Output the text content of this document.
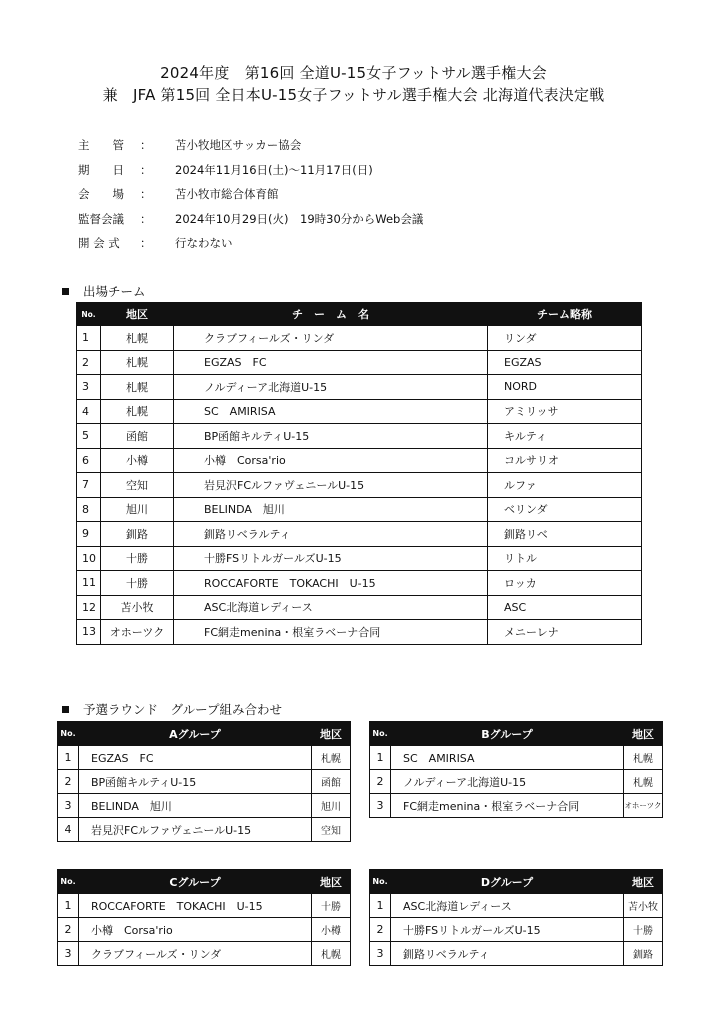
2024年度　第16回 全道U-15女子フットサル選手権大会
兼　JFA 第15回 全日本U-15女子フットサル選手権大会 北海道代表決定戦
主　　管	：	苫小牧地区サッカー協会
期　　日	：	2024年11月16日(土)～11月17日(日)
会　　場	：	苫小牧市総合体育館
監督会議	：	2024年10月29日(火)　19時30分からWeb会議
開 会 式	：	行なわない
出場チーム
No.	地区	チ　ー　ム　名	チーム略称
1	札幌	クラブフィールズ・リンダ	リンダ
2	札幌	EGZAS　FC	EGZAS
3	札幌	ノルディーア北海道U-15	NORD
4	札幌	SC　AMIRISA	アミリッサ
5	函館	BP函館キルティU-15	キルティ
6	小樽	小樽　Corsa'rio	コルサリオ
7	空知	岩見沢FCルファヴェニールU-15	ルファ
8	旭川	BELINDA　旭川	ベリンダ
9	釧路	釧路リベラルティ	釧路リベ
10	十勝	十勝FSリトルガールズU-15	リトル
11	十勝	ROCCAFORTE　TOKACHI　U-15	ロッカ
12	苫小牧	ASC北海道レディース	ASC
13	オホーツク	FC網走menina・根室ラベーナ合同	メニーレナ
予選ラウンド　グループ組み合わせ
No.	Aグループ	地区
1	EGZAS　FC	札幌
2	BP函館キルティU-15	函館
3	BELINDA　旭川	旭川
4	岩見沢FCルファヴェニールU-15	空知
No.	Bグループ	地区
1	SC　AMIRISA	札幌
2	ノルディーア北海道U-15	札幌
3	FC網走menina・根室ラベーナ合同	オホーツク
No.	Cグループ	地区
1	ROCCAFORTE　TOKACHI　U-15	十勝
2	小樽　Corsa'rio	小樽
3	クラブフィールズ・リンダ	札幌
No.	Dグループ	地区
1	ASC北海道レディース	苫小牧
2	十勝FSリトルガールズU-15	十勝
3	釧路リベラルティ	釧路
